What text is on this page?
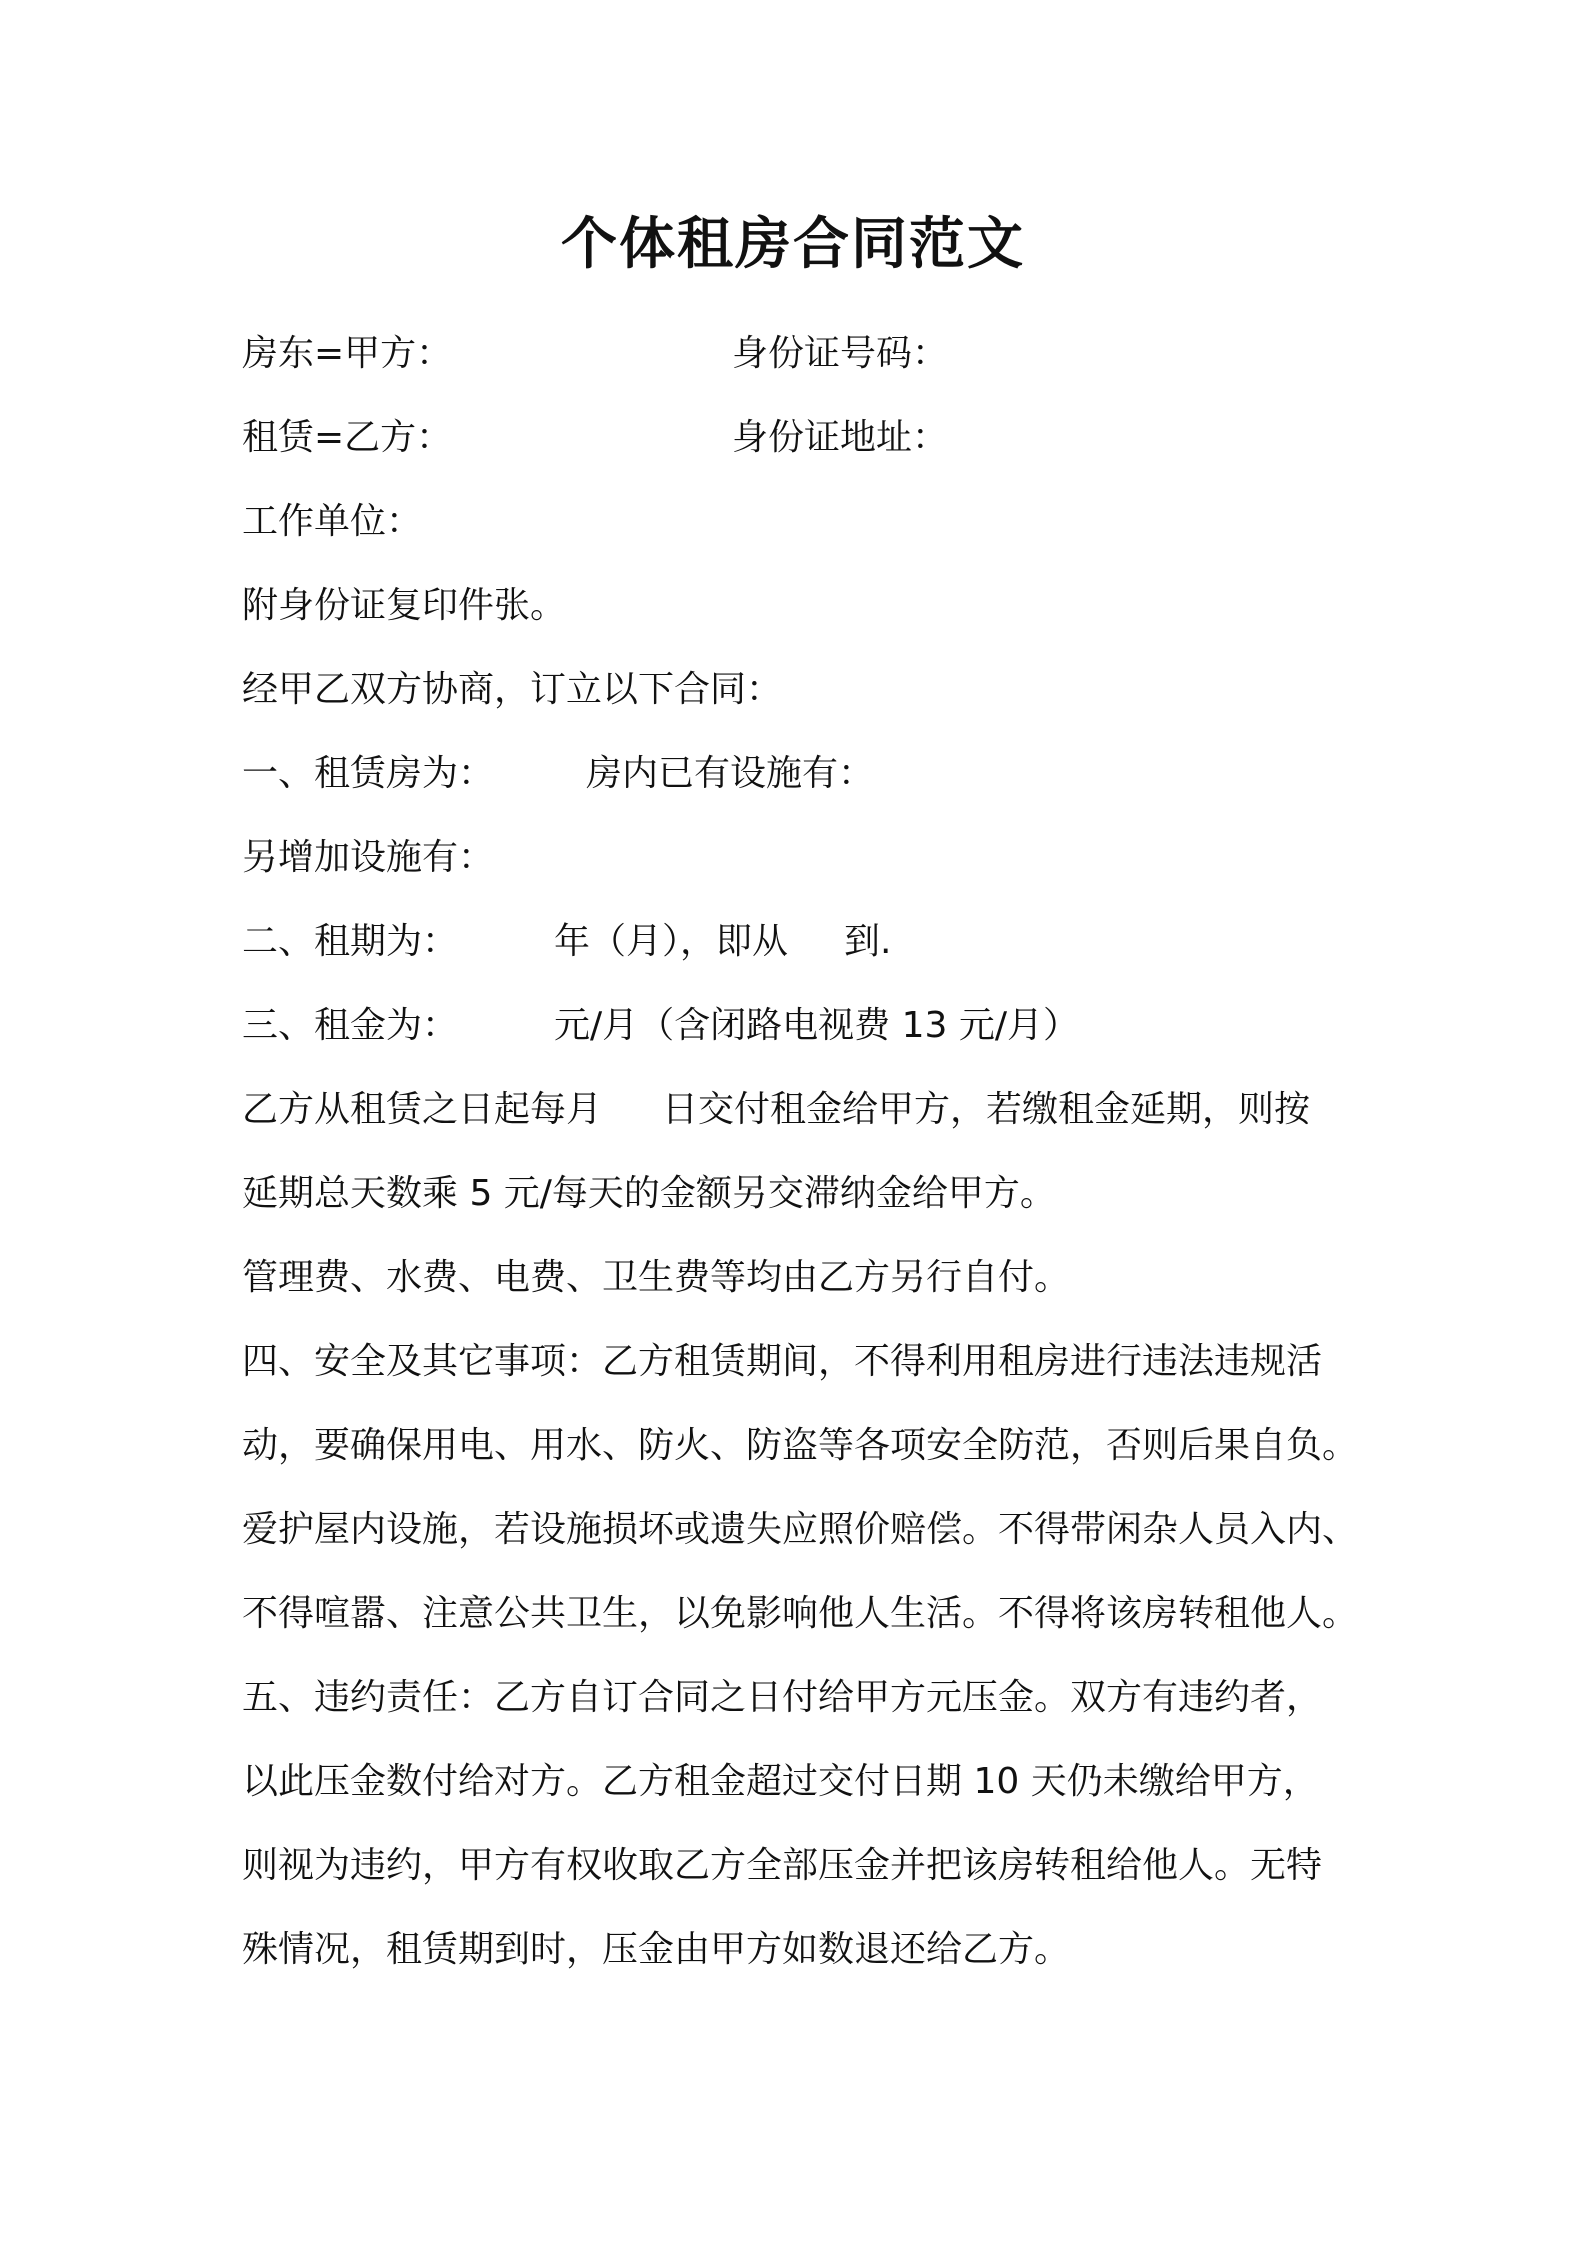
个体租房合同范文
房东=甲方：	身份证号码：
租赁=乙方：	身份证地址：
工作单位：
附身份证复印件张。
经甲乙双方协商，订立以下合同：
一、租赁房为：	房内已有设施有：
另增加设施有：
二、租期为：	年（月），即从 到.
三、租金为：	元/月（含闭路电视费 13 元/月）
乙方从租赁之日起每月 日交付租金给甲方，若缴租金延期，则按
延期总天数乘 5 元/每天的金额另交滞纳金给甲方。
管理费、水费、电费、卫生费等均由乙方另行自付。
四、安全及其它事项：乙方租赁期间，不得利用租房进行违法违规活
动，要确保用电、用水、防火、防盗等各项安全防范，否则后果自负。
爱护屋内设施，若设施损坏或遗失应照价赔偿。不得带闲杂人员入内、
不得喧嚣、注意公共卫生，以免影响他人生活。不得将该房转租他人。
五、违约责任：乙方自订合同之日付给甲方元压金。双方有违约者，
以此压金数付给对方。乙方租金超过交付日期 10 天仍未缴给甲方，
则视为违约，甲方有权收取乙方全部压金并把该房转租给他人。无特
殊情况，租赁期到时，压金由甲方如数退还给乙方。
